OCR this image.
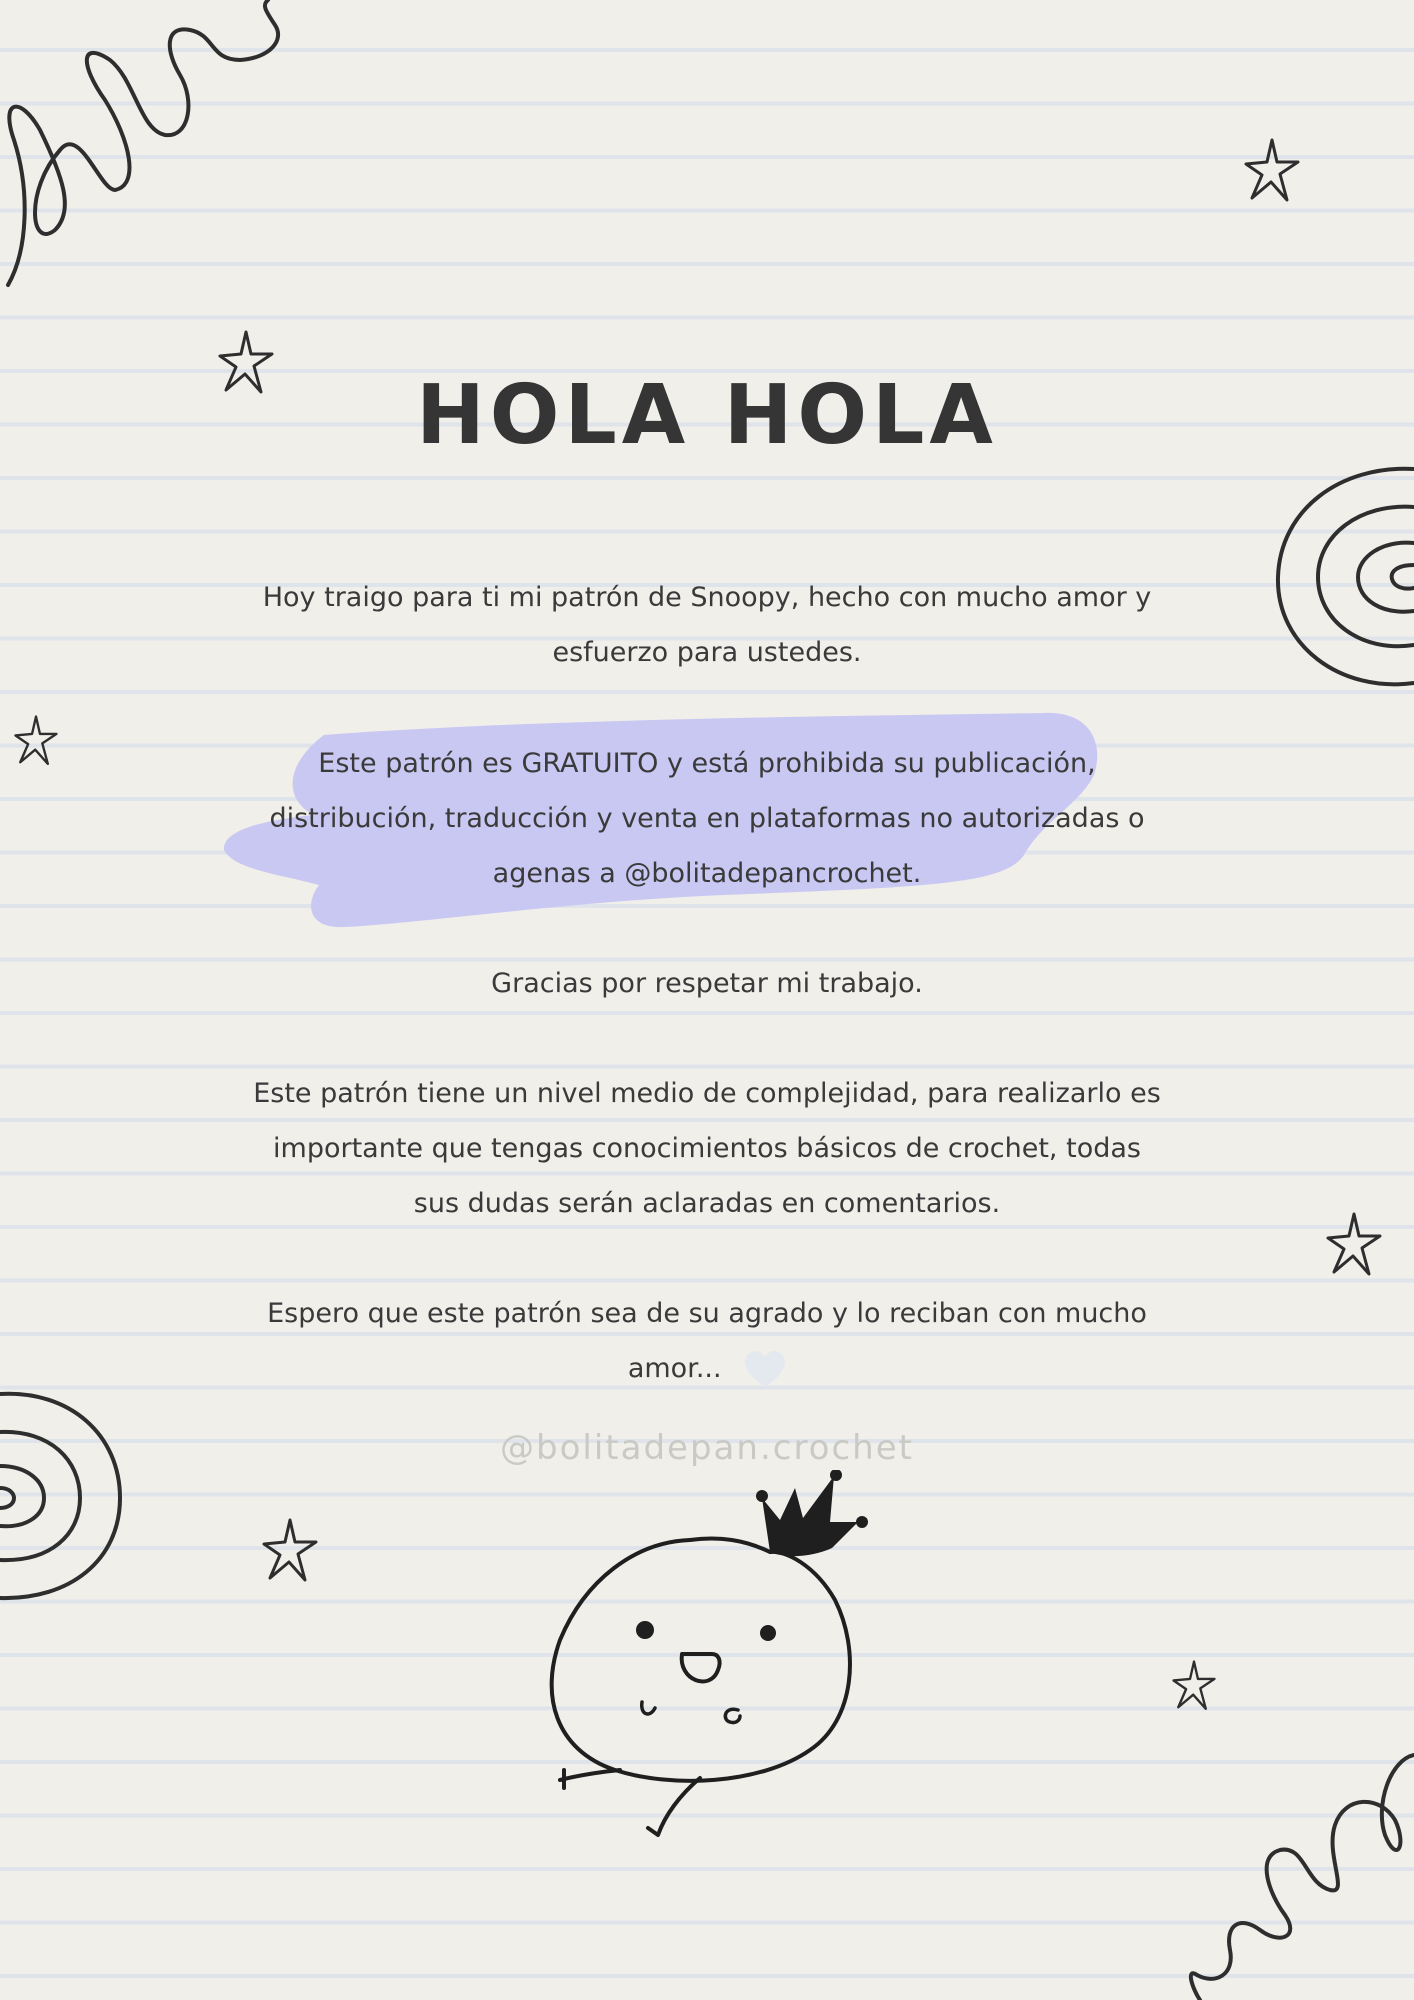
HOLA HOLA
Hoy traigo para ti mi patrón de Snoopy, hecho con mucho amor y esfuerzo para ustedes.
Este patrón es GRATUITO y está prohibida su publicación, distribución, traducción y venta en plataformas no autorizadas o agenas a @bolitadepancrochet.
Gracias por respetar mi trabajo.
Este patrón tiene un nivel medio de complejidad, para realizarlo es importante que tengas conocimientos básicos de crochet, todas sus dudas serán aclaradas en comentarios.
Espero que este patrón sea de su agrado y lo reciban con mucho amor...
@bolitadepan.crochet
